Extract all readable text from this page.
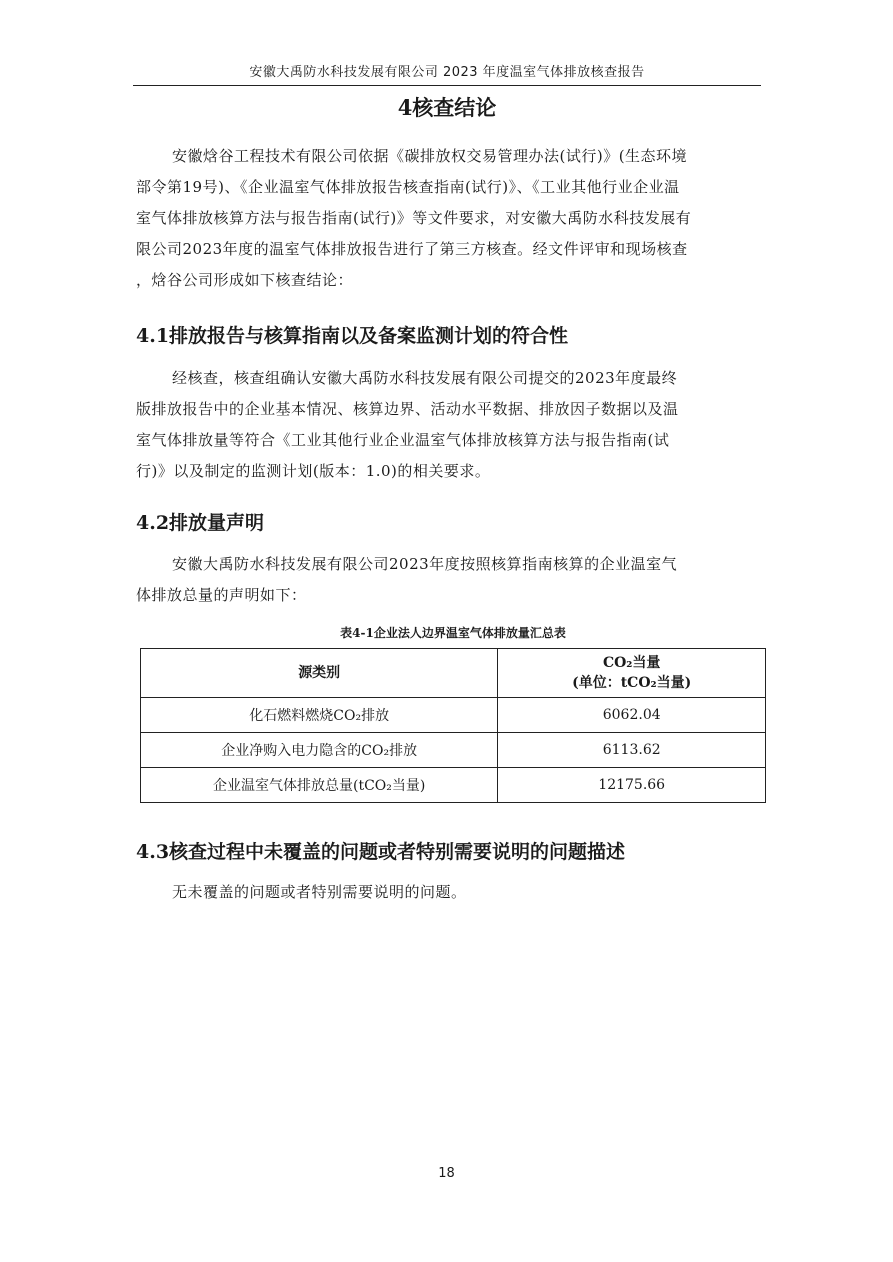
安徽大禹防水科技发展有限公司 2023 年度温室气体排放核查报告
4核查结论
安徽焓谷工程技术有限公司依据《碳排放权交易管理办法(试行)》(生态环境
部令第19号)、《企业温室气体排放报告核查指南(试行)》、《工业其他行业企业温
室气体排放核算方法与报告指南(试行)》等文件要求，对安徽大禹防水科技发展有
限公司2023年度的温室气体排放报告进行了第三方核查。经文件评审和现场核查
，焓谷公司形成如下核查结论：
4.1排放报告与核算指南以及备案监测计划的符合性
经核查，核查组确认安徽大禹防水科技发展有限公司提交的2023年度最终
版排放报告中的企业基本情况、核算边界、活动水平数据、排放因子数据以及温
室气体排放量等符合《工业其他行业企业温室气体排放核算方法与报告指南(试
行)》以及制定的监测计划(版本：1.0)的相关要求。
4.2排放量声明
安徽大禹防水科技发展有限公司2023年度按照核算指南核算的企业温室气
体排放总量的声明如下：
表4-1企业法人边界温室气体排放量汇总表
源类别	CO₂当量
(单位：tCO₂当量)

化石燃料燃烧CO₂排放	6062.04
企业净购入电力隐含的CO₂排放	6113.62
企业温室气体排放总量(tCO₂当量)	12175.66
4.3核查过程中未覆盖的问题或者特别需要说明的问题描述
无未覆盖的问题或者特别需要说明的问题。
18
